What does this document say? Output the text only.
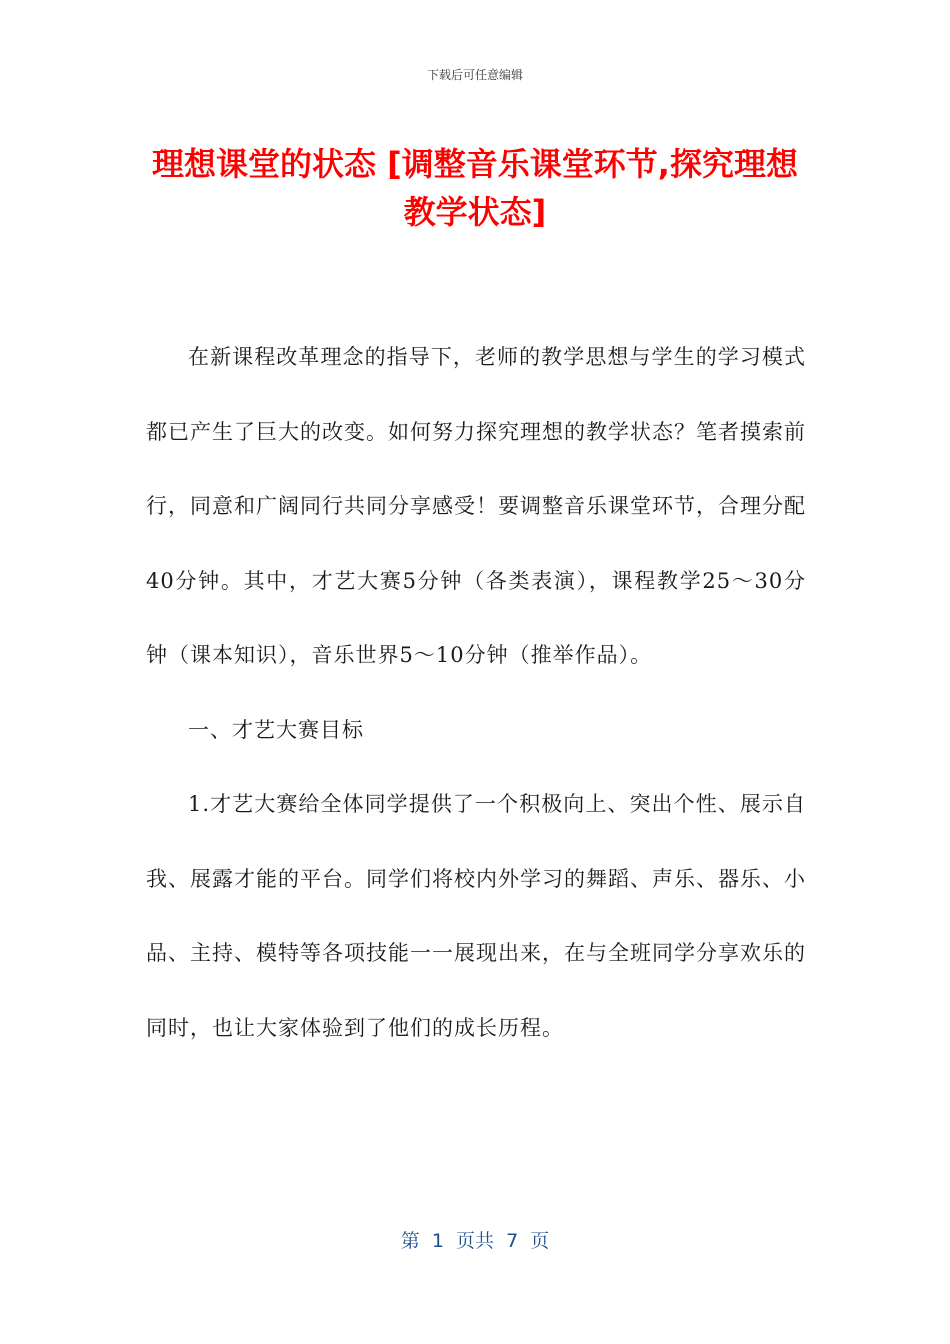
下载后可任意编辑
理想课堂的状态 [调整音乐课堂环节,探究理想教学状态]

在新课程改革理念的指导下，老师的教学思想与学生的学习模式都已产生了巨大的改变。如何努力探究理想的教学状态？笔者摸索前行，同意和广阔同行共同分享感受！要调整音乐课堂环节，合理分配40分钟。其中，才艺大赛5分钟（各类表演），课程教学25～30分钟（课本知识），音乐世界5～10分钟（推举作品）。

一、才艺大赛目标

1.才艺大赛给全体同学提供了一个积极向上、突出个性、展示自我、展露才能的平台。同学们将校内外学习的舞蹈、声乐、器乐、小品、主持、模特等各项技能一一展现出来，在与全班同学分享欢乐的同时，也让大家体验到了他们的成长历程。

第  1  页共  7  页
